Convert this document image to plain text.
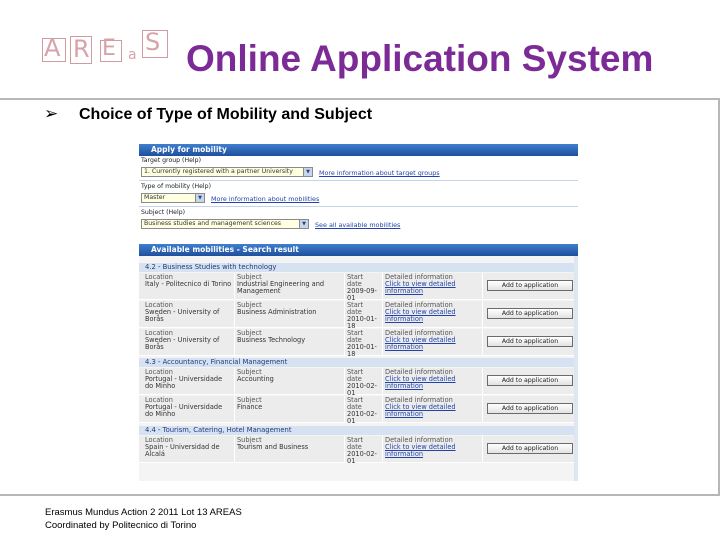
A R E a S Online Application System
➢ Choice of Type of Mobility and Subject
Apply for mobility
Target group (Help)
1. Currently registered with a partner University	▼	More information about target groups
Type of mobility (Help)
Master	▼	More information about mobilities
Subject (Help)
Business studies and management sciences	▼	See all available mobilities
Available mobilities - Search result
4.2 - Business Studies with technology
Location
Italy - Politecnico di Torino
Subject
Industrial Engineering and Management
Start date
2009-09-01
Detailed information
Click to view detailed information
Add to application
Location
Sweden - University of Borås
Subject
Business Administration
Start date
2010-01-18
Detailed information
Click to view detailed information
Add to application
Location
Sweden - University of Borås
Subject
Business Technology
Start date
2010-01-18
Detailed information
Click to view detailed information
Add to application
4.3 - Accountancy, Financial Management
Location
Portugal - Universidade do Minho
Subject
Accounting
Start date
2010-02-01
Detailed information
Click to view detailed information
Add to application
Location
Portugal - Universidade do Minho
Subject
Finance
Start date
2010-02-01
Detailed information
Click to view detailed information
Add to application
4.4 - Tourism, Catering, Hotel Management
Location
Spain - Universidad de Alcalá
Subject
Tourism and Business
Start date
2010-02-01
Detailed information
Click to view detailed information
Add to application
Erasmus Mundus Action 2 2011 Lot 13 AREAS
Coordinated by Politecnico di Torino
